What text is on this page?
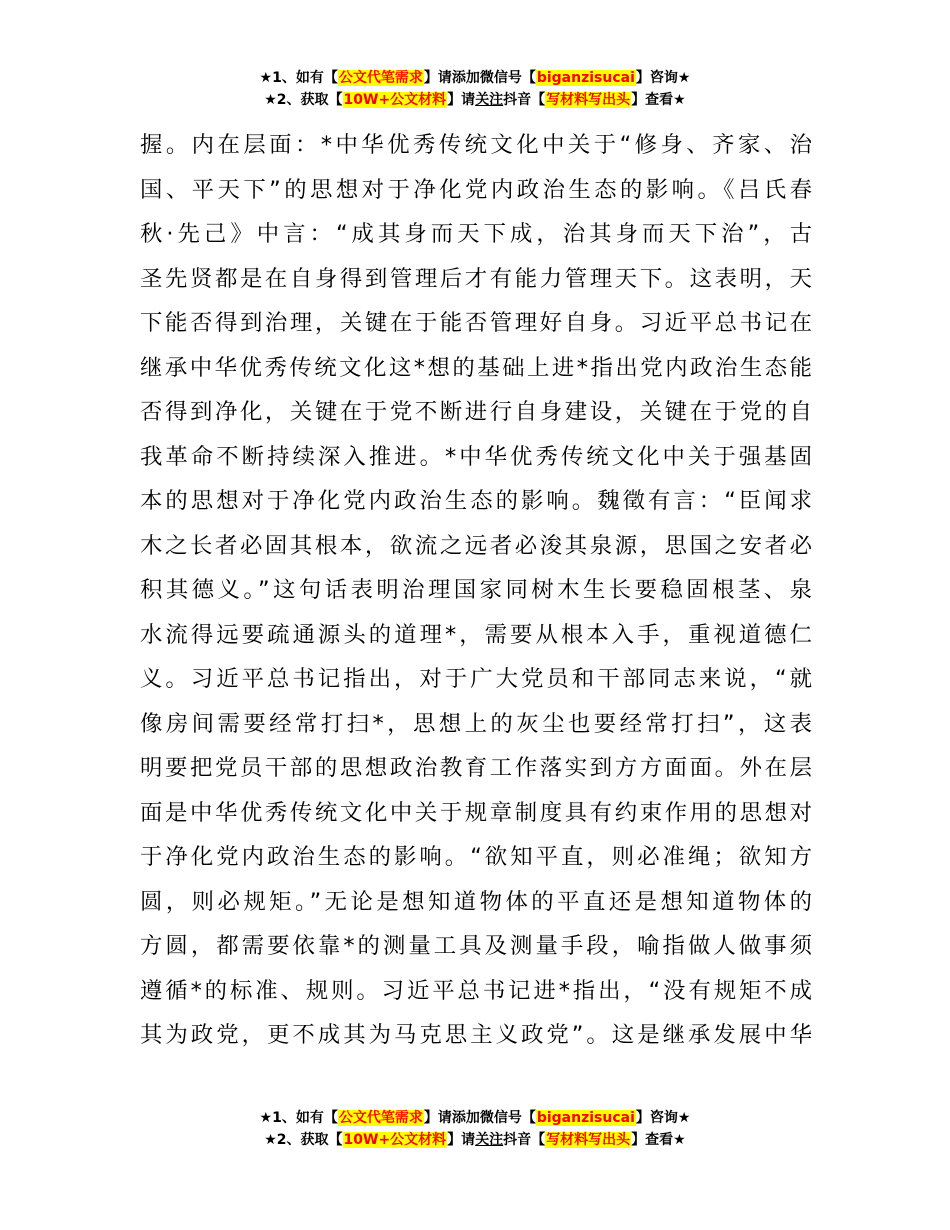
★1、如有【公文代笔需求】请添加微信号【biganzisucai】咨询★
★2、获取【10W+公文材料】请关注抖音【写材料写出头】查看★
握。内在层面：*中华优秀传统文化中关于“修身、齐家、治
国、平天下”的思想对于净化党内政治生态的影响。《吕氏春
秋·先己》中言：“成其身而天下成，治其身而天下治”，古
圣先贤都是在自身得到管理后才有能力管理天下。这表明，天
下能否得到治理，关键在于能否管理好自身。习近平总书记在
继承中华优秀传统文化这*想的基础上进*指出党内政治生态能
否得到净化，关键在于党不断进行自身建设，关键在于党的自
我革命不断持续深入推进。*中华优秀传统文化中关于强基固
本的思想对于净化党内政治生态的影响。魏徵有言：“臣闻求
木之长者必固其根本，欲流之远者必浚其泉源，思国之安者必
积其德义。”这句话表明治理国家同树木生长要稳固根茎、泉
水流得远要疏通源头的道理*，需要从根本入手，重视道德仁
义。习近平总书记指出，对于广大党员和干部同志来说，“就
像房间需要经常打扫*，思想上的灰尘也要经常打扫”，这表
明要把党员干部的思想政治教育工作落实到方方面面。外在层
面是中华优秀传统文化中关于规章制度具有约束作用的思想对
于净化党内政治生态的影响。“欲知平直，则必准绳；欲知方
圆，则必规矩。”无论是想知道物体的平直还是想知道物体的
方圆，都需要依靠*的测量工具及测量手段，喻指做人做事须
遵循*的标准、规则。习近平总书记进*指出，“没有规矩不成
其为政党，更不成其为马克思主义政党”。这是继承发展中华
★1、如有【公文代笔需求】请添加微信号【biganzisucai】咨询★
★2、获取【10W+公文材料】请关注抖音【写材料写出头】查看★
